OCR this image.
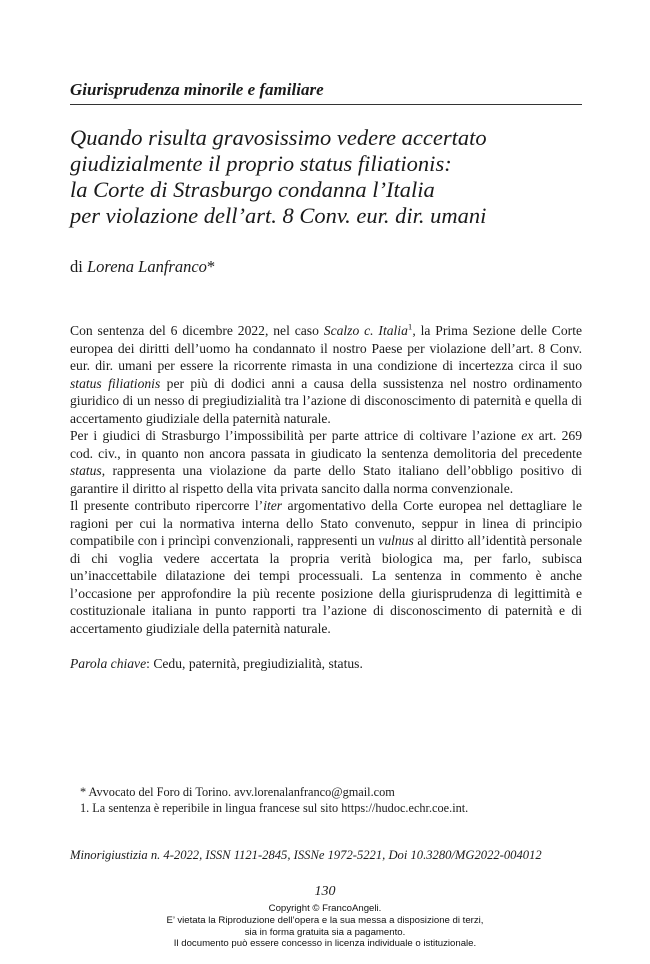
Giurisprudenza minorile e familiare
Quando risulta gravosissimo vedere accertato
giudizialmente il proprio status filiationis:
la Corte di Strasburgo condanna l’Italia
per violazione dell’art. 8 Conv. eur. dir. umani
di Lorena Lanfranco*

Con sentenza del 6 dicembre 2022, nel caso Scalzo c. Italia$^1$, la Prima Sezione delle Corte europea dei diritti dell’uomo ha condannato il nostro Paese per violazione dell’art. 8 Conv. eur. dir. umani per essere la ricorrente rimasta in una condizione di incertezza circa il suo status filiationis per più di dodici anni a causa della sussistenza nel nostro ordinamento giuridico di un nesso di pregiudizialità tra l’azione di disconoscimento di paternità e quella di accertamento giudiziale della paternità naturale.

Per i giudici di Strasburgo l’impossibilità per parte attrice di coltivare l’azione ex art. 269 cod. civ., in quanto non ancora passata in giudicato la sentenza demolitoria del precedente status, rappresenta una violazione da parte dello Stato italiano dell’obbligo positivo di garantire il diritto al rispetto della vita privata sancito dalla norma convenzionale.

Il presente contributo ripercorre l’iter argomentativo della Corte europea nel dettagliare le ragioni per cui la normativa interna dello Stato convenuto, seppur in linea di principio compatibile con i princìpi convenzionali, rappresenti un vulnus al diritto all’identità personale di chi voglia vedere accertata la propria verità biologica ma, per farlo, subisca un’inaccettabile dilatazione dei tempi processuali. La sentenza in commento è anche l’occasione per approfondire la più recente posizione della giurisprudenza di legittimità e costituzionale italiana in punto rapporti tra l’azione di disconoscimento di paternità e di accertamento giudiziale della paternità naturale.

Parola chiave: Cedu, paternità, pregiudizialità, status.

* Avvocato del Foro di Torino. avv.lorenalanfranco@gmail.com
1. La sentenza è reperibile in lingua francese sul sito https://hudoc.echr.coe.int.
Minorigiustizia n. 4-2022, ISSN 1121-2845, ISSNe 1972-5221, Doi 10.3280/MG2022-004012
130
Copyright © FrancoAngeli.
E’ vietata la Riproduzione dell’opera e la sua messa a disposizione di terzi,
sia in forma gratuita sia a pagamento.
Il documento può essere concesso in licenza individuale o istituzionale.
